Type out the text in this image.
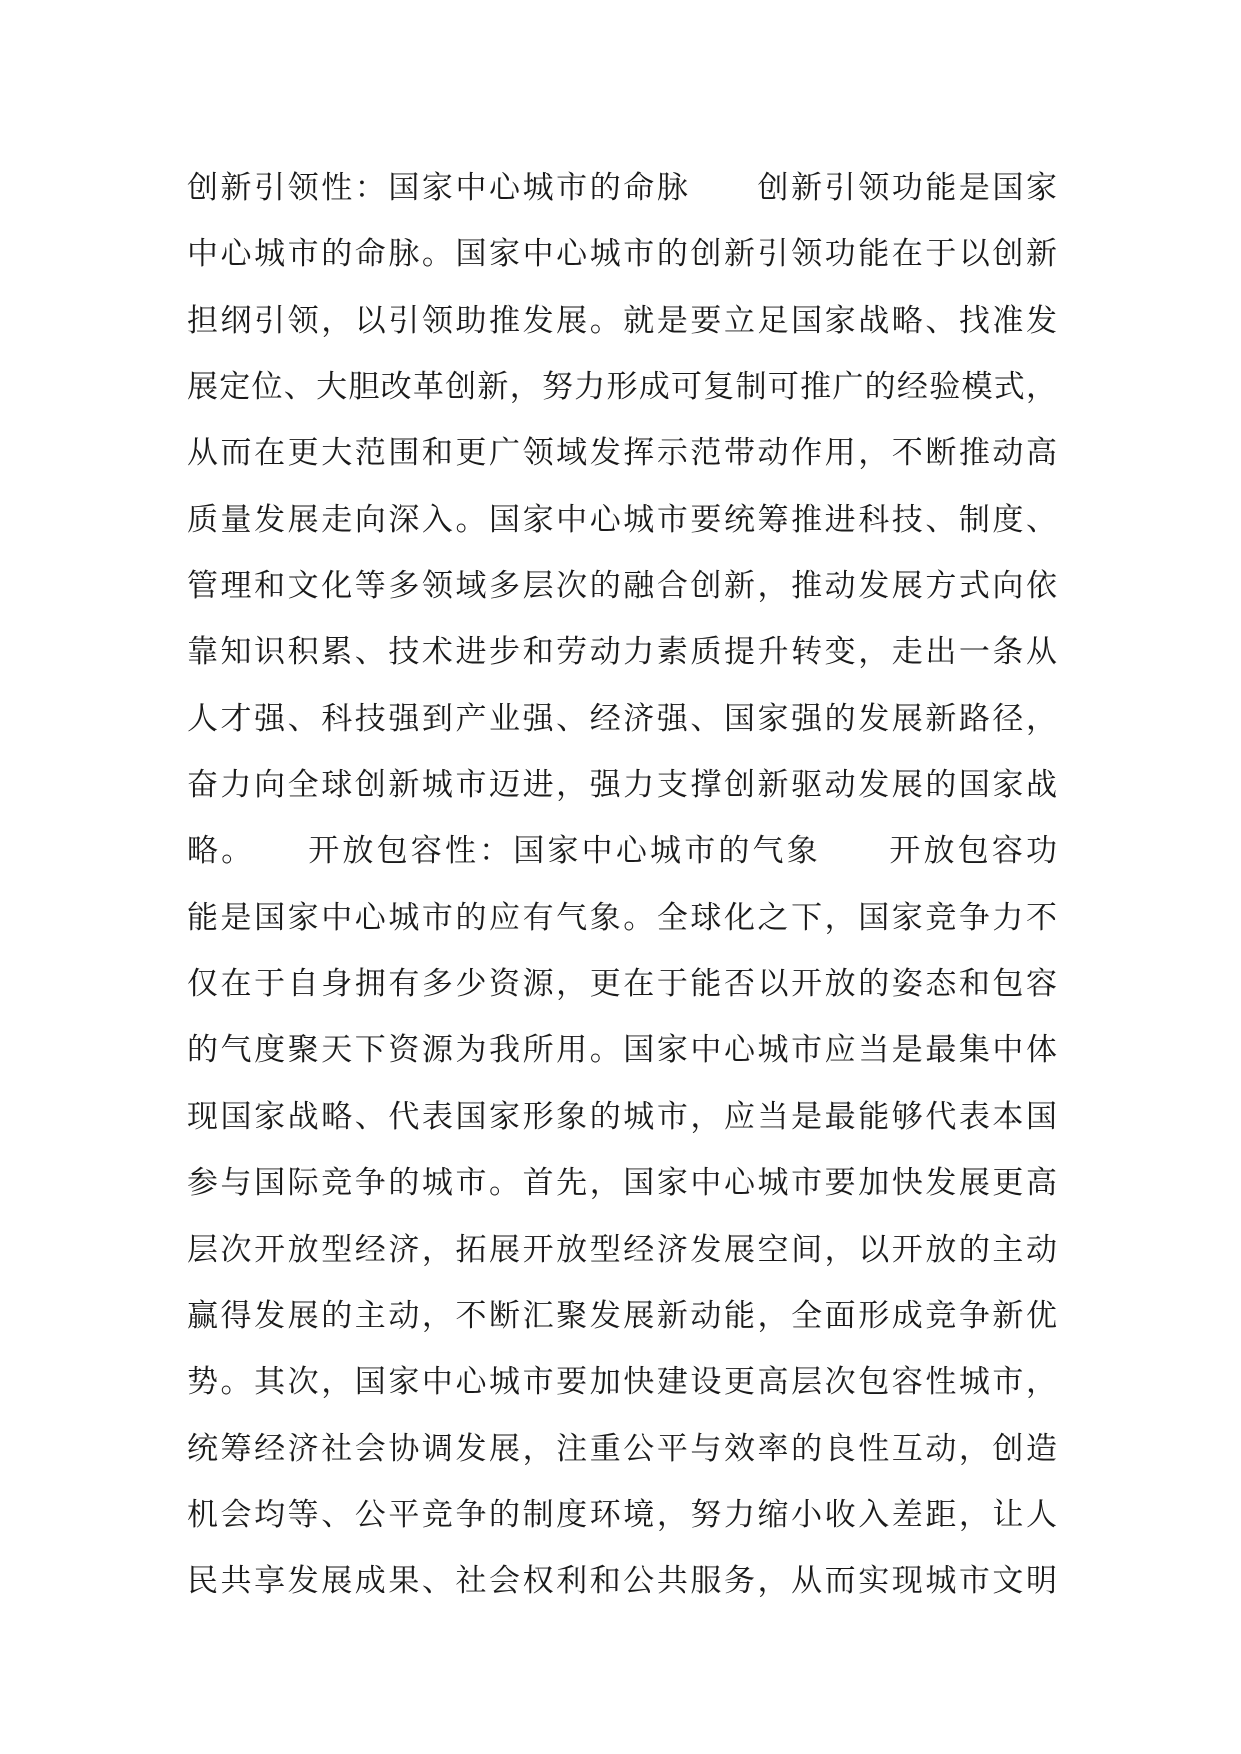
创新引领性：国家中心城市的命脉　　创新引领功能是国家
中心城市的命脉。国家中心城市的创新引领功能在于以创新
担纲引领，以引领助推发展。就是要立足国家战略、找准发
展定位、大胆改革创新，努力形成可复制可推广的经验模式，
从而在更大范围和更广领域发挥示范带动作用，不断推动高
质量发展走向深入。国家中心城市要统筹推进科技、制度、
管理和文化等多领域多层次的融合创新，推动发展方式向依
靠知识积累、技术进步和劳动力素质提升转变，走出一条从
人才强、科技强到产业强、经济强、国家强的发展新路径，
奋力向全球创新城市迈进，强力支撑创新驱动发展的国家战
略。　　开放包容性：国家中心城市的气象　　开放包容功
能是国家中心城市的应有气象。全球化之下，国家竞争力不
仅在于自身拥有多少资源，更在于能否以开放的姿态和包容
的气度聚天下资源为我所用。国家中心城市应当是最集中体
现国家战略、代表国家形象的城市，应当是最能够代表本国
参与国际竞争的城市。首先，国家中心城市要加快发展更高
层次开放型经济，拓展开放型经济发展空间，以开放的主动
赢得发展的主动，不断汇聚发展新动能，全面形成竞争新优
势。其次，国家中心城市要加快建设更高层次包容性城市，
统筹经济社会协调发展，注重公平与效率的良性互动，创造
机会均等、公平竞争的制度环境，努力缩小收入差距，让人
民共享发展成果、社会权利和公共服务，从而实现城市文明
